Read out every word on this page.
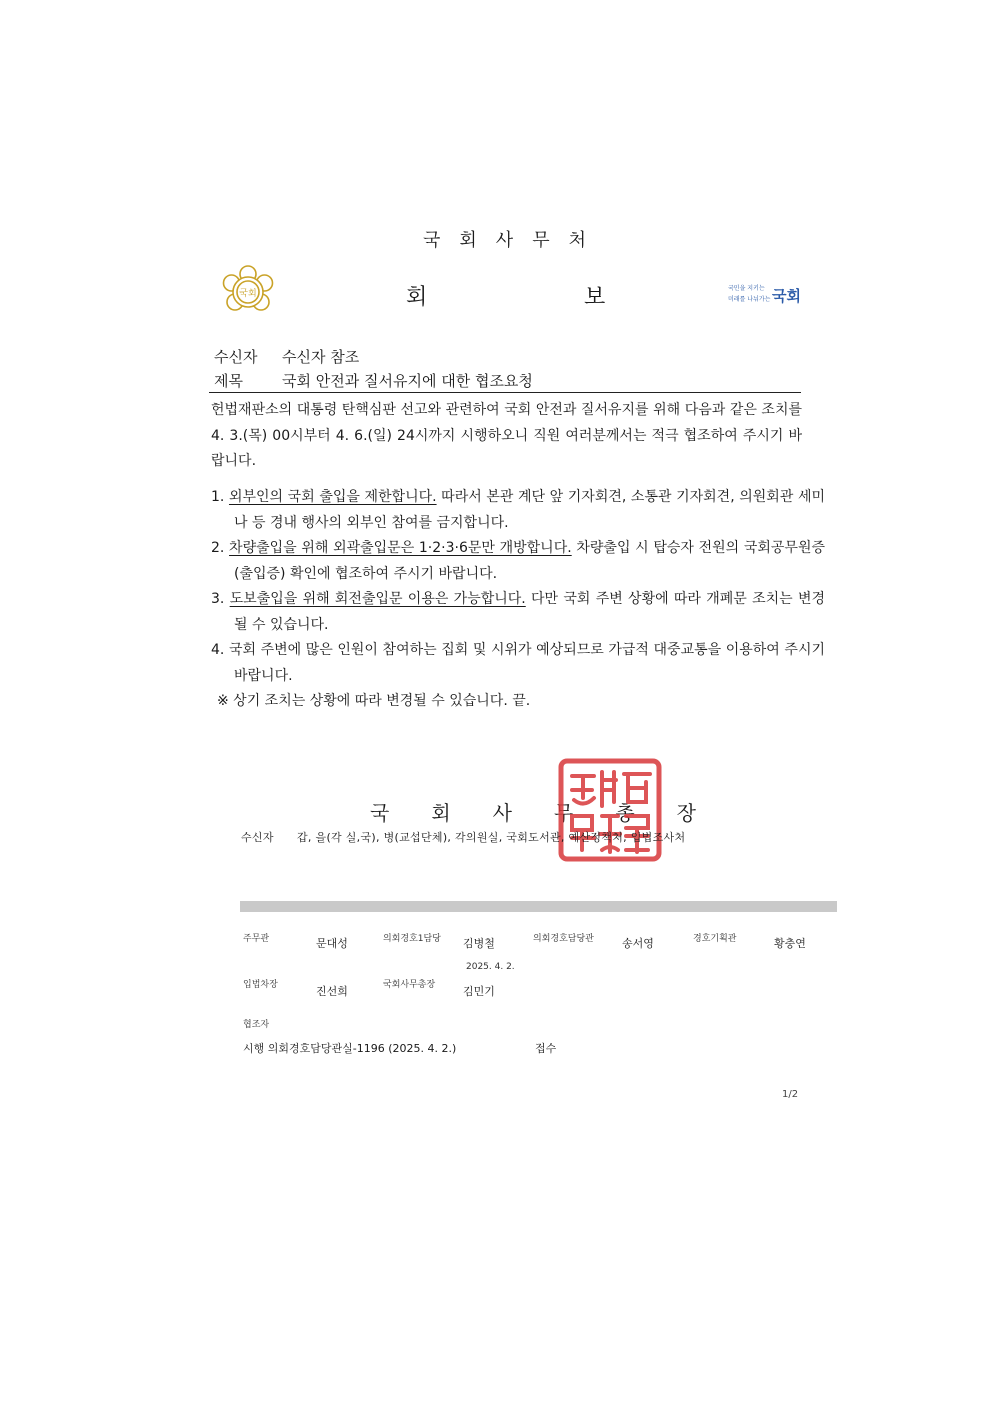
국 회 사 무 처
국회	회	보	국민을 지키는
미래를 나눠가는 국회
수신자 수신자 참조
제목	국회 안전과 질서유지에 대한 협조요청
헌법재판소의 대통령 탄핵심판 선고와 관련하여 국회 안전과 질서유지를 위해 다음과 같은 조치를 4. 3.(목) 00시부터 4. 6.(일) 24시까지 시행하오니 직원 여러분께서는 적극 협조하여 주시기 바랍니다.
1. 외부인의 국회 출입을 제한합니다. 따라서 본관 계단 앞 기자회견, 소통관 기자회견, 의원회관 세미나 등 경내 행사의 외부인 참여를 금지합니다.
2. 차량출입을 위해 외곽출입문은 1·2·3·6문만 개방합니다. 차량출입 시 탑승자 전원의 국회공무원증(출입증) 확인에 협조하여 주시기 바랍니다.
3. 도보출입을 위해 회전출입문 이용은 가능합니다. 다만 국회 주변 상황에 따라 개폐문 조치는 변경될 수 있습니다.
4. 국회 주변에 많은 인원이 참여하는 집회 및 시위가 예상되므로 가급적 대중교통을 이용하여 주시기 바랍니다.
※ 상기 조치는 상황에 따라 변경될 수 있습니다. 끝.
국 회 사 무 총 장
수신자 갑, 을(각 실,국), 병(교섭단체), 각의원실, 국회도서관, 예산정책처, 입법조사처
주무관	문대성	의회경호1담당 김병철	의회경호담당관	송서영	경호기획관	황충연
2025. 4. 2.
입법차장	진선희	국회사무총장	김민기
협조자
시행 의회경호담당관실-1196 (2025. 4. 2.)	접수
1/2
